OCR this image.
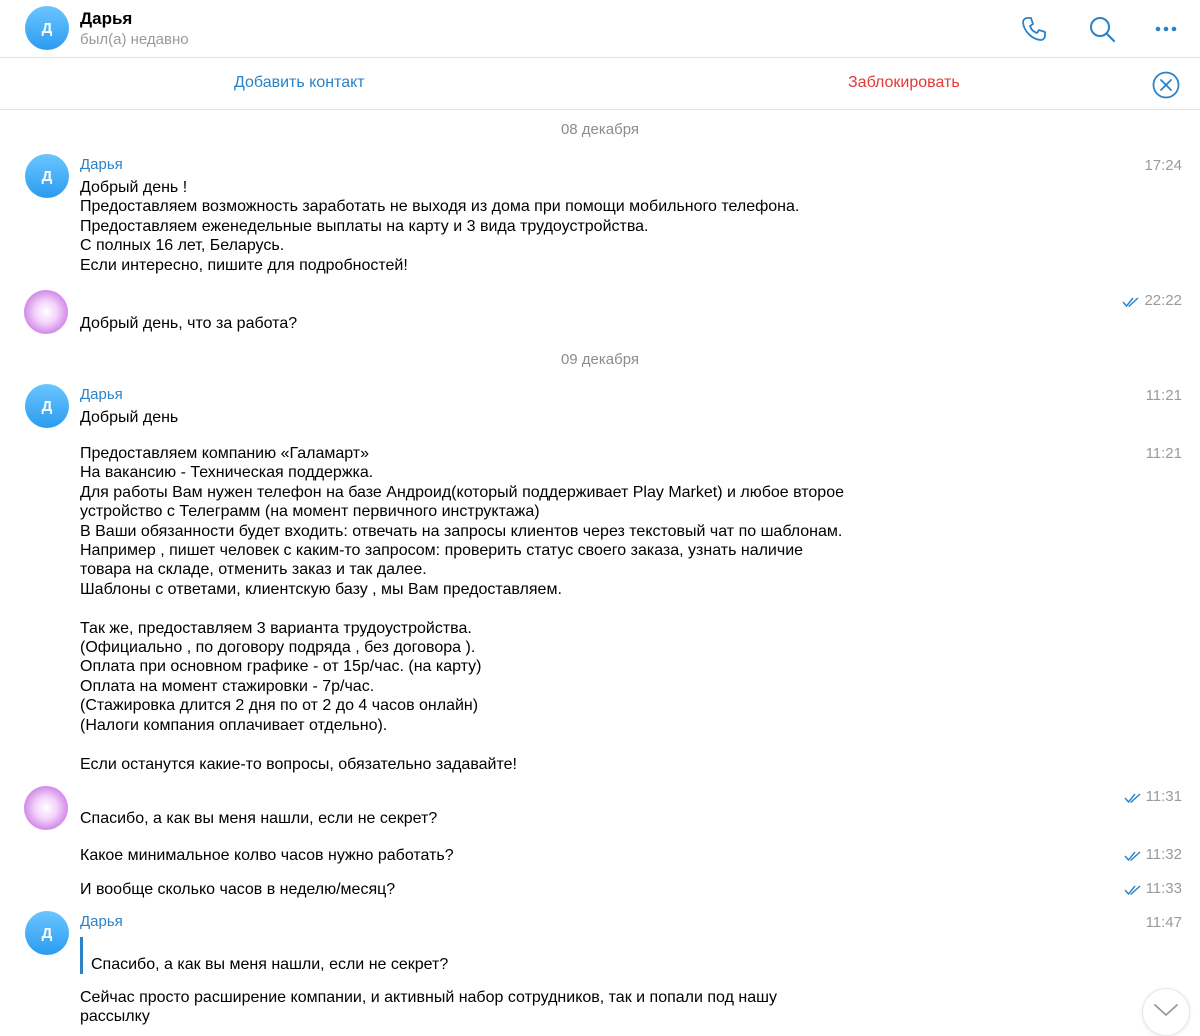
Д Дарья
был(а) недавно
Добавить контакт	Заблокировать
08 декабря
Д
Дарья	17:24
Добрый день !
Предоставляем возможность заработать не выходя из дома при помощи мобильного телефона.
Предоставляем еженедельные выплаты на карту и 3 вида трудоустройства.
С полных 16 лет, Беларусь.
Если интересно, пишите для подробностей!
22:22
Добрый день, что за работа?
09 декабря
Д
Дарья	11:21
Добрый день
11:21
Предоставляем компанию «Галамарт»
На вакансию - Техническая поддержка.
Для работы Вам нужен телефон на базе Андроид(который поддерживает Play Market) и любое второе
устройство с Телеграмм (на момент первичного инструктажа)
В Ваши обязанности будет входить: отвечать на запросы клиентов через текстовый чат по шаблонам.
Например , пишет человек с каким-то запросом: проверить статус своего заказа, узнать наличие
товара на складе, отменить заказ и так далее.
Шаблоны с ответами, клиентскую базу , мы Вам предоставляем.

Так же, предоставляем 3 варианта трудоустройства.
(Официально , по договору подряда , без договора ).
Оплата при основном графике - от 15р/час. (на карту)
Оплата на момент стажировки - 7р/час.
(Стажировка длится 2 дня по от 2 до 4 часов онлайн)
(Налоги компания оплачивает отдельно).

Если останутся какие-то вопросы, обязательно задавайте!
11:31
Спасибо, а как вы меня нашли, если не секрет?
11:32
Какое минимальное колво часов нужно работать?
11:33
И вообще сколько часов в неделю/месяц?
Д
Дарья	11:47
Спасибо, а как вы меня нашли, если не секрет?
Сейчас просто расширение компании, и активный набор сотрудников, так и попали под нашу
рассылку
